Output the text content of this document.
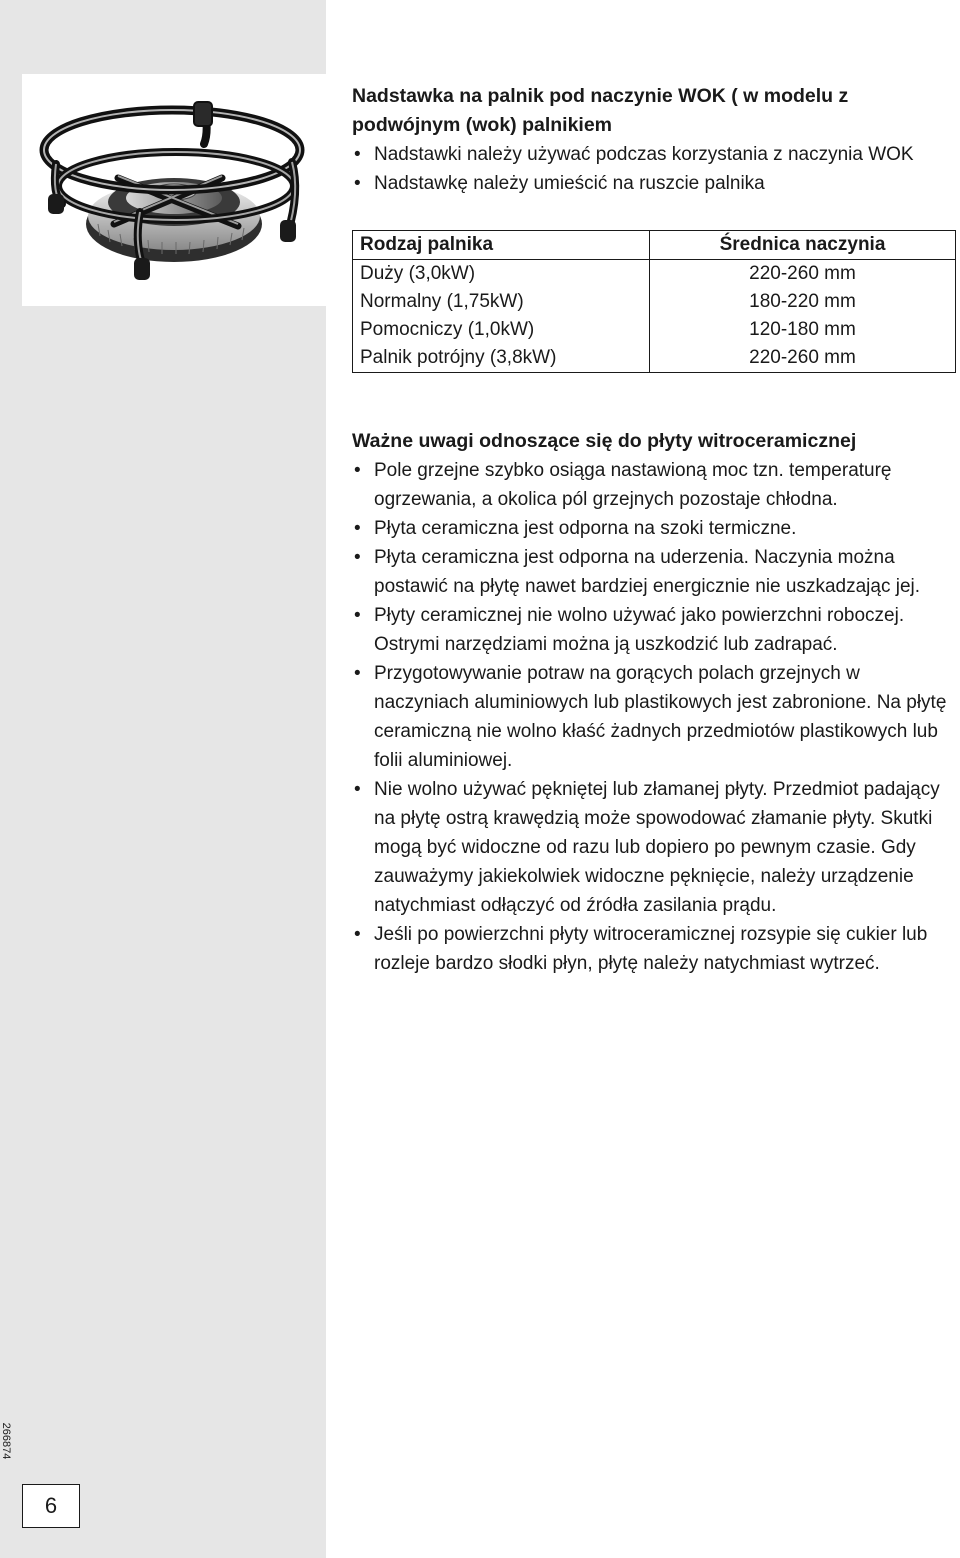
266874
6

Nadstawka na palnik pod naczynie WOK ( w modelu z podwójnym (wok) palnikiem

• Nadstawki należy używać podczas korzystania z naczynia WOK
• Nadstawkę należy umieścić na ruszcie palnika
Rodzaj palnika	Średnica naczynia
Duży (3,0kW)	220-260 mm
Normalny (1,75kW)	180-220 mm
Pomocniczy (1,0kW)	120-180 mm
Palnik potrójny (3,8kW)	220-260 mm

Ważne uwagi odnoszące się do płyty witroceramicznej

• Pole grzejne szybko osiąga nastawioną moc tzn. temperaturę ogrzewania, a okolica pól grzejnych pozostaje chłodna.
• Płyta ceramiczna jest odporna na szoki termiczne.
• Płyta ceramiczna jest odporna na uderzenia. Naczynia można postawić na płytę nawet bardziej energicznie nie uszkadzając jej.
• Płyty ceramicznej nie wolno używać jako powierzchni roboczej. Ostrymi narzędziami można ją uszkodzić lub zadrapać.
• Przygotowywanie potraw na gorących polach grzejnych w naczyniach aluminiowych lub plastikowych jest zabronione. Na płytę ceramiczną nie wolno kłaść żadnych przedmiotów plastikowych lub folii aluminiowej.
• Nie wolno używać pękniętej lub złamanej płyty. Przedmiot padający na płytę ostrą krawędzią może spowodować złamanie płyty. Skutki mogą być widoczne od razu lub dopiero po pewnym czasie. Gdy zauważymy jakiekolwiek widoczne pęknięcie, należy urządzenie natychmiast odłączyć od źródła zasilania prądu.
• Jeśli po powierzchni płyty witroceramicznej rozsypie się cukier lub rozleje bardzo słodki płyn, płytę należy natychmiast wytrzeć.
